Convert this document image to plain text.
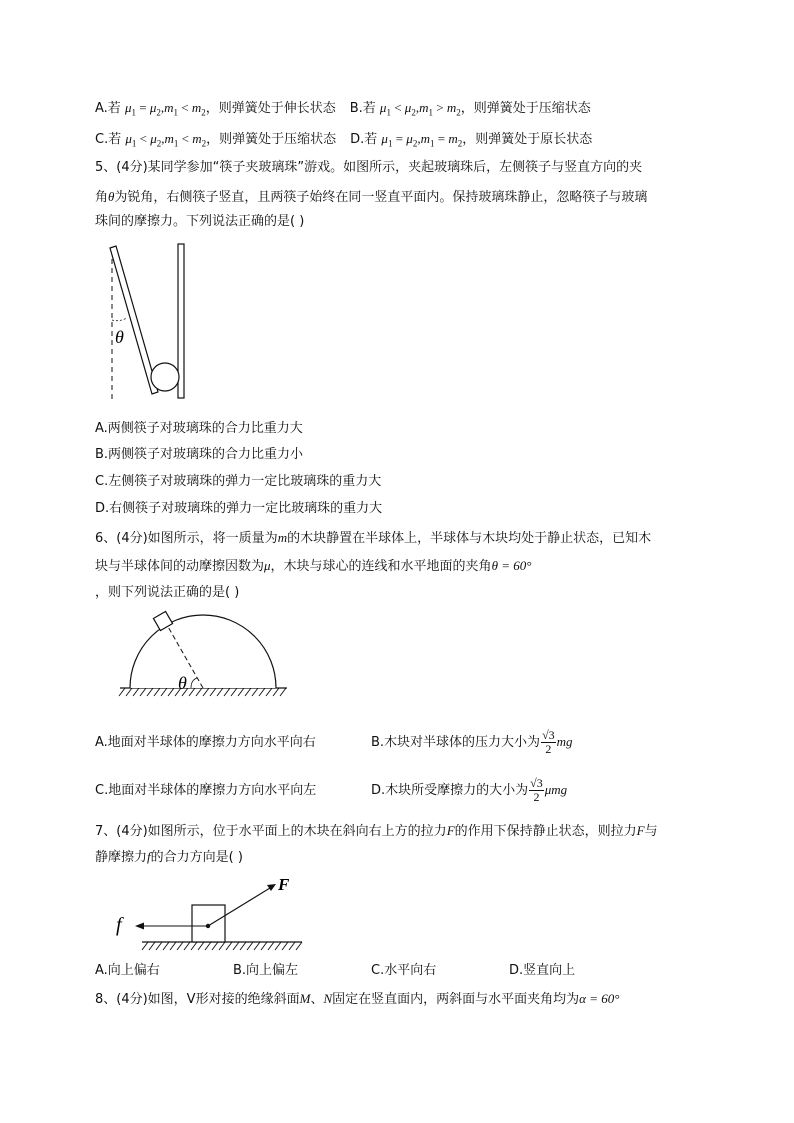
A.若 $\mu_1 = \mu_2,m_1 < m_2$，则弹簧处于伸长状态 B.若 $\mu_1 < \mu_2,m_1 > m_2$，则弹簧处于压缩状态
C.若 $\mu_1 < \mu_2,m_1 < m_2$，则弹簧处于压缩状态 D.若 $\mu_1 = \mu_2,m_1 = m_2$，则弹簧处于原长状态
5、(4分)某同学参加“筷子夹玻璃珠”游戏。如图所示，夹起玻璃珠后，左侧筷子与竖直方向的夹
角θ为锐角，右侧筷子竖直，且两筷子始终在同一竖直平面内。保持玻璃珠静止，忽略筷子与玻璃
珠间的摩擦力。下列说法正确的是( )
θ
A.两侧筷子对玻璃珠的合力比重力大
B.两侧筷子对玻璃珠的合力比重力小
C.左侧筷子对玻璃珠的弹力一定比玻璃珠的重力大
D.右侧筷子对玻璃珠的弹力一定比玻璃珠的重力大
6、(4分)如图所示，将一质量为m的木块静置在半球体上，半球体与木块均处于静止状态，已知木
块与半球体间的动摩擦因数为μ，木块与球心的连线和水平地面的夹角θ = 60°
，则下列说法正确的是( )
θ
A.地面对半球体的摩擦力方向水平向右	B.木块对半球体的压力大小为 $\frac{√3}{2}$ mg
C.地面对半球体的摩擦力方向水平向左	D.木块所受摩擦力的大小为 $\frac{√3}{2}$ μmg
7、(4分)如图所示，位于水平面上的木块在斜向右上方的拉力F的作用下保持静止状态，则拉力F与
静摩擦力f的合力方向是( )
f
F
A.向上偏右	B.向上偏左	C.水平向右	D.竖直向上
8、(4分)如图，V形对接的绝缘斜面M、N固定在竖直面内，两斜面与水平面夹角均为α = 60°
